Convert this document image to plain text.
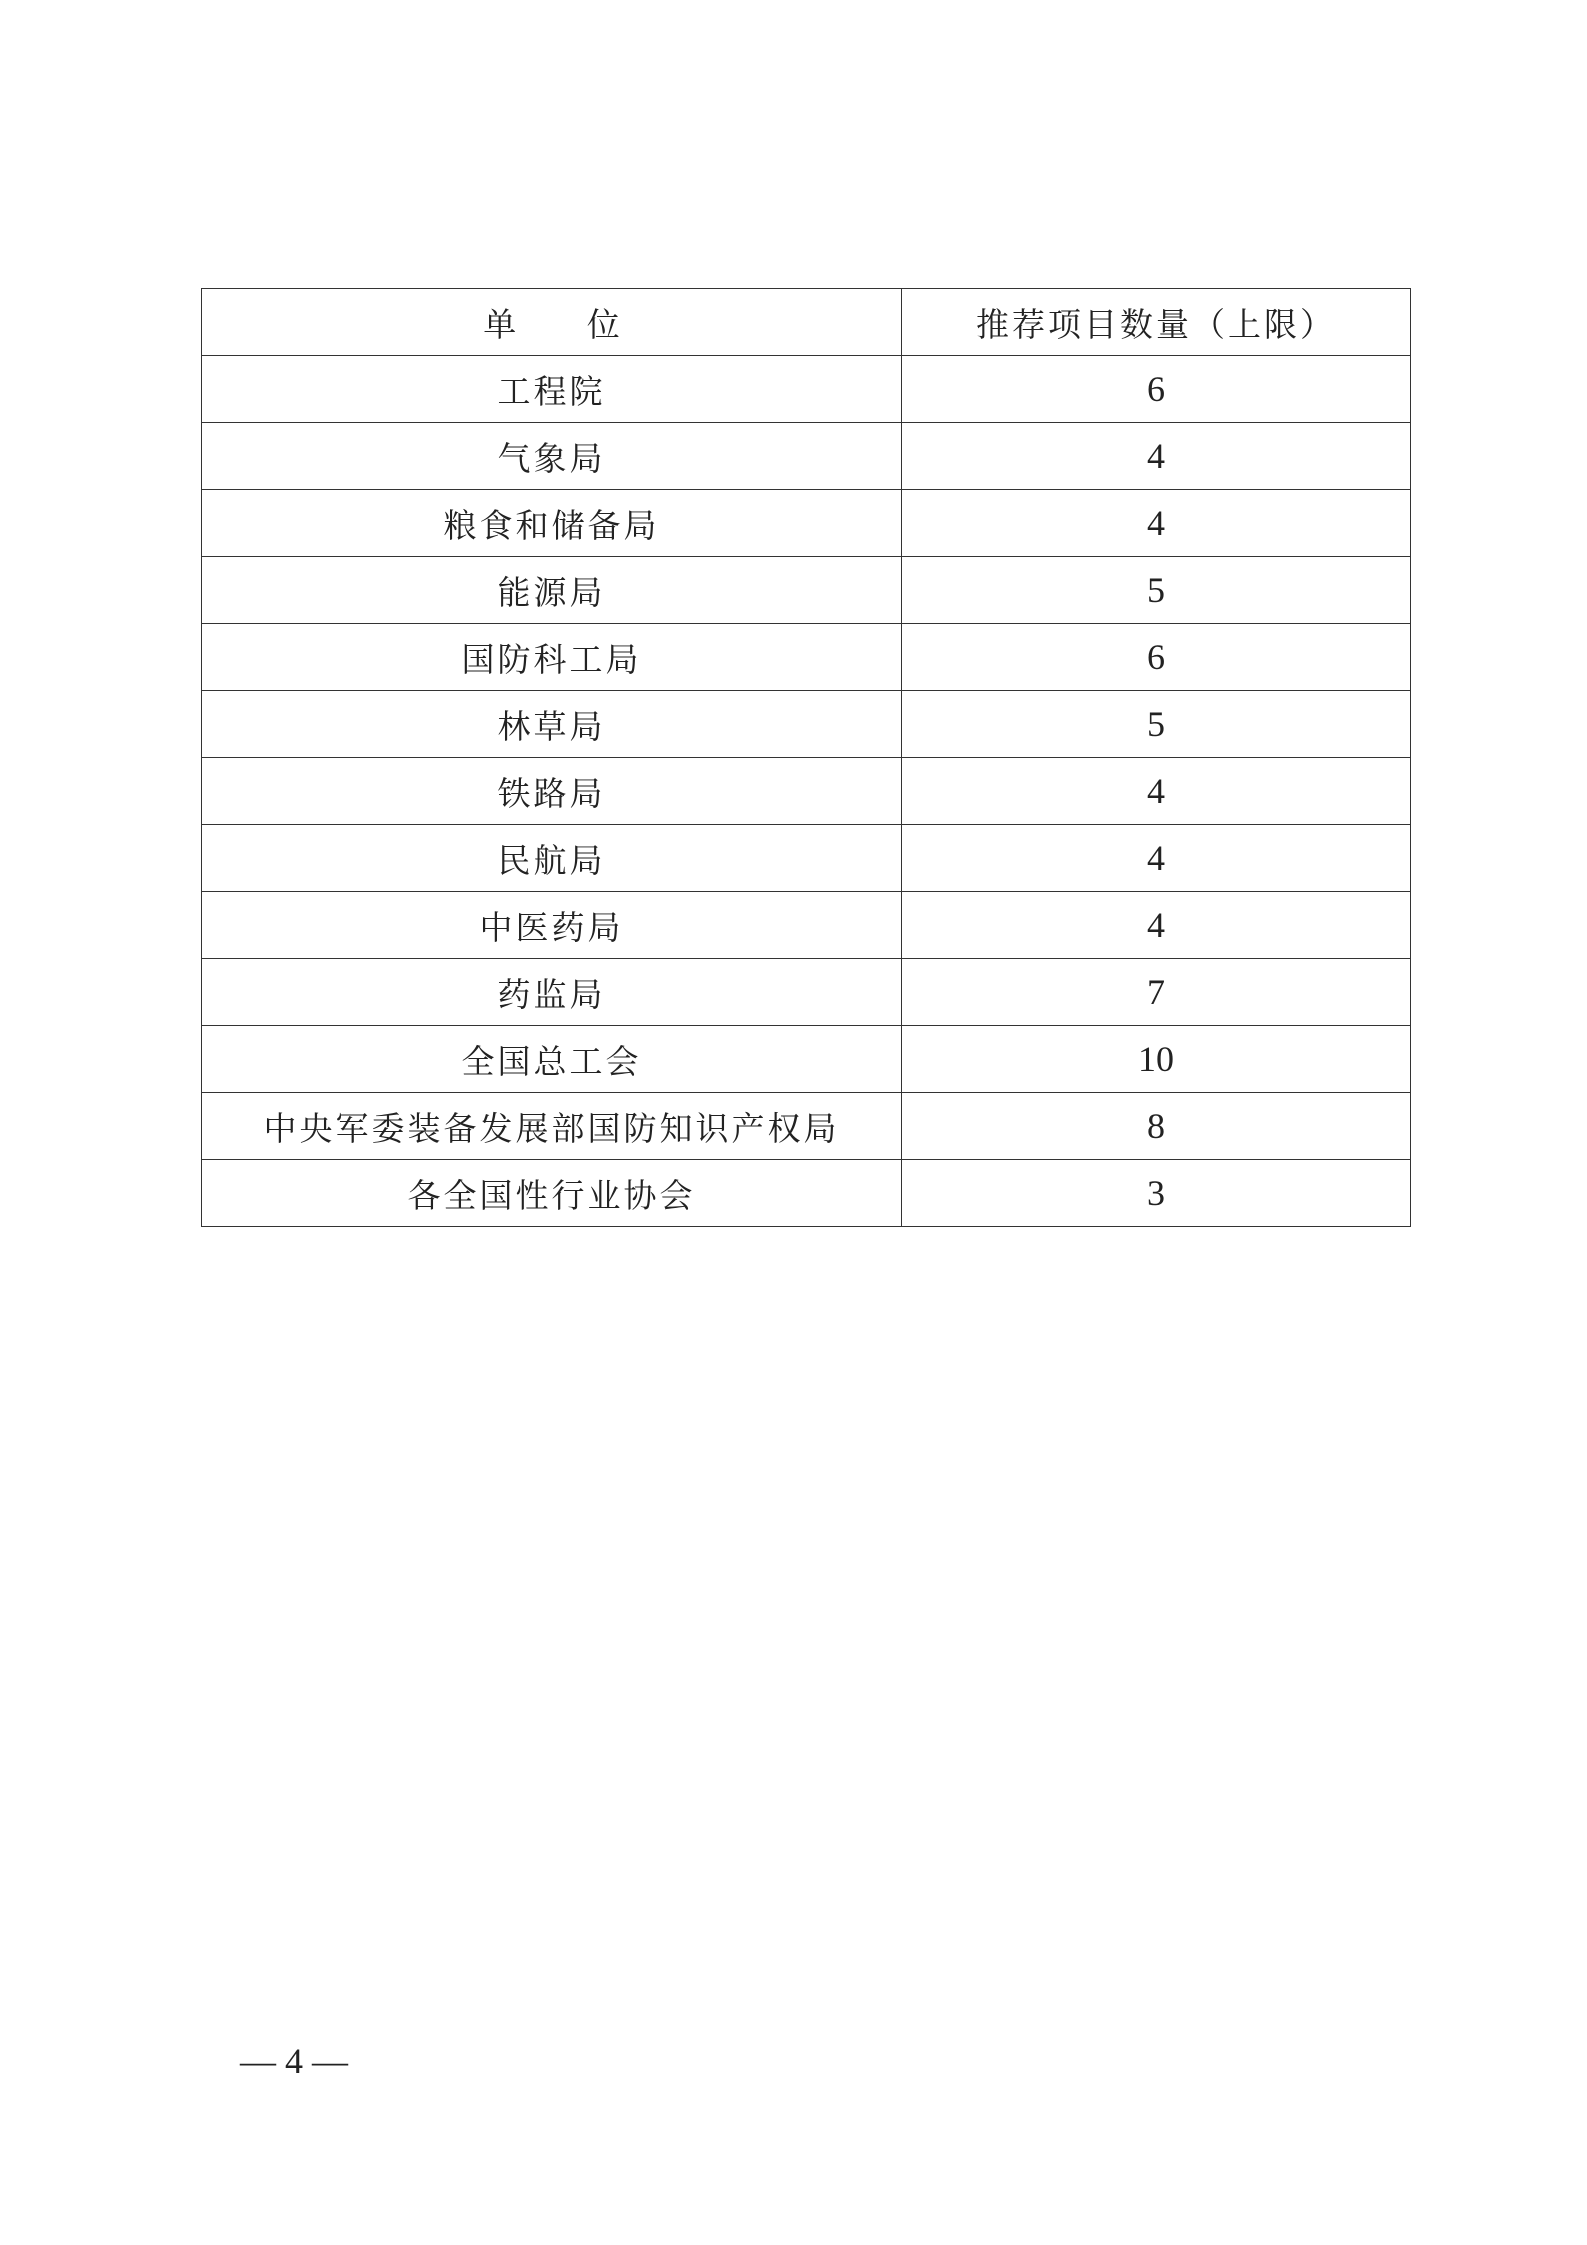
单 位	推荐项目数量（上限）
工程院	6
气象局	4
粮食和储备局	4
能源局	5
国防科工局	6
林草局	5
铁路局	4
民航局	4
中医药局	4
药监局	7
全国总工会	10
中央军委装备发展部国防知识产权局	8
各全国性行业协会	3
— 4 —
